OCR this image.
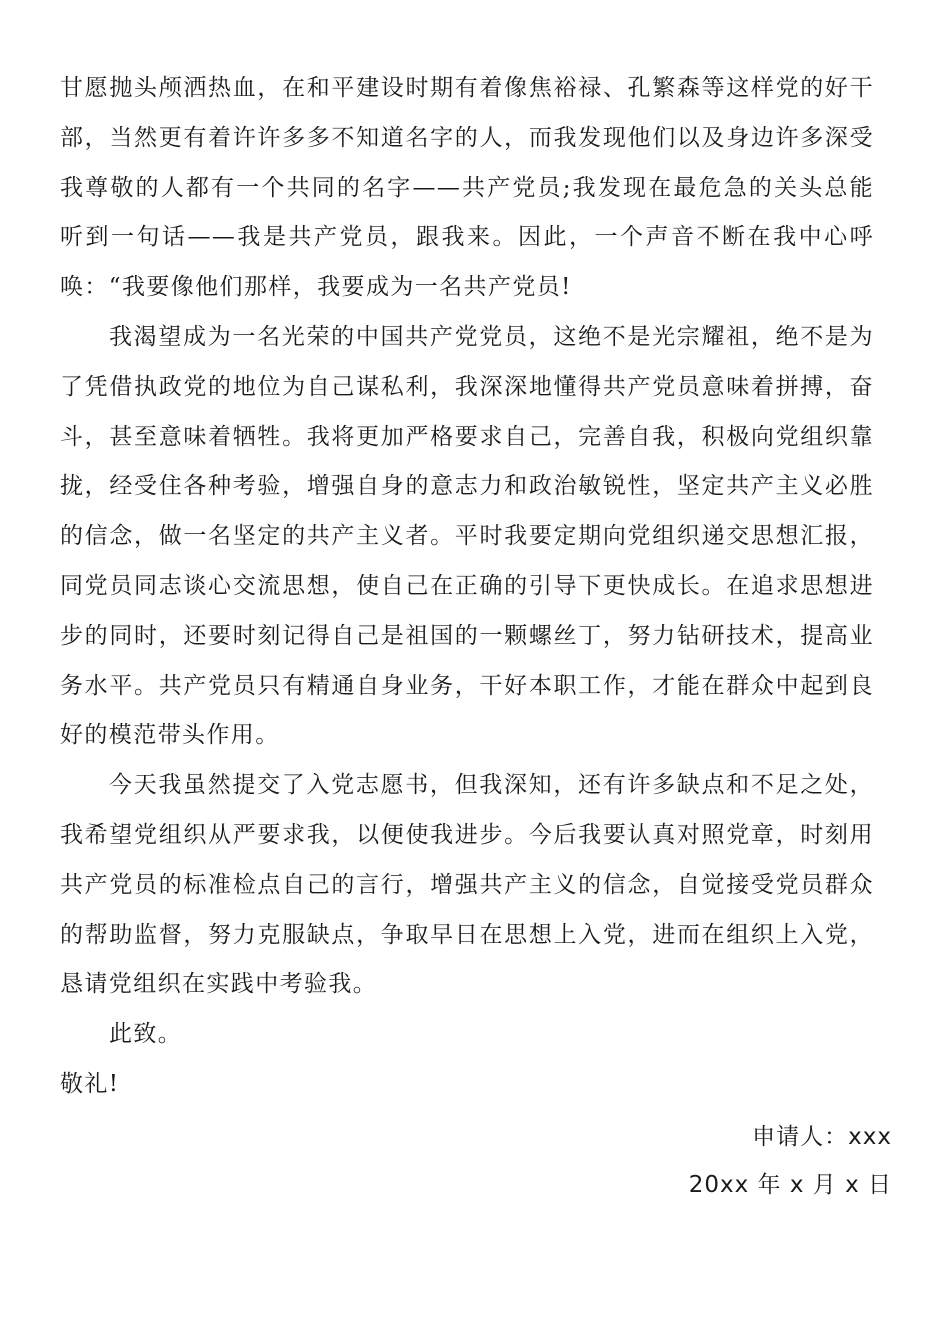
甘愿抛头颅洒热血，在和平建设时期有着像焦裕禄、孔繁森等这样党的好干部，当然更有着许许多多不知道名字的人，而我发现他们以及身边许多深受我尊敬的人都有一个共同的名字——共产党员;我发现在最危急的关头总能听到一句话——我是共产党员，跟我来。因此，一个声音不断在我中心呼唤：“我要像他们那样，我要成为一名共产党员!

我渴望成为一名光荣的中国共产党党员，这绝不是光宗耀祖，绝不是为了凭借执政党的地位为自己谋私利，我深深地懂得共产党员意味着拼搏，奋斗，甚至意味着牺牲。我将更加严格要求自己，完善自我，积极向党组织靠拢，经受住各种考验，增强自身的意志力和政治敏锐性，坚定共产主义必胜的信念，做一名坚定的共产主义者。平时我要定期向党组织递交思想汇报，同党员同志谈心交流思想，使自己在正确的引导下更快成长。在追求思想进步的同时，还要时刻记得自己是祖国的一颗螺丝丁，努力钻研技术，提高业务水平。共产党员只有精通自身业务，干好本职工作，才能在群众中起到良好的模范带头作用。

今天我虽然提交了入党志愿书，但我深知，还有许多缺点和不足之处，我希望党组织从严要求我，以便使我进步。今后我要认真对照党章，时刻用共产党员的标准检点自己的言行，增强共产主义的信念，自觉接受党员群众的帮助监督，努力克服缺点，争取早日在思想上入党，进而在组织上入党，恳请党组织在实践中考验我。

此致。

敬礼!

申请人：xxx
20xx 年 x 月 x 日
